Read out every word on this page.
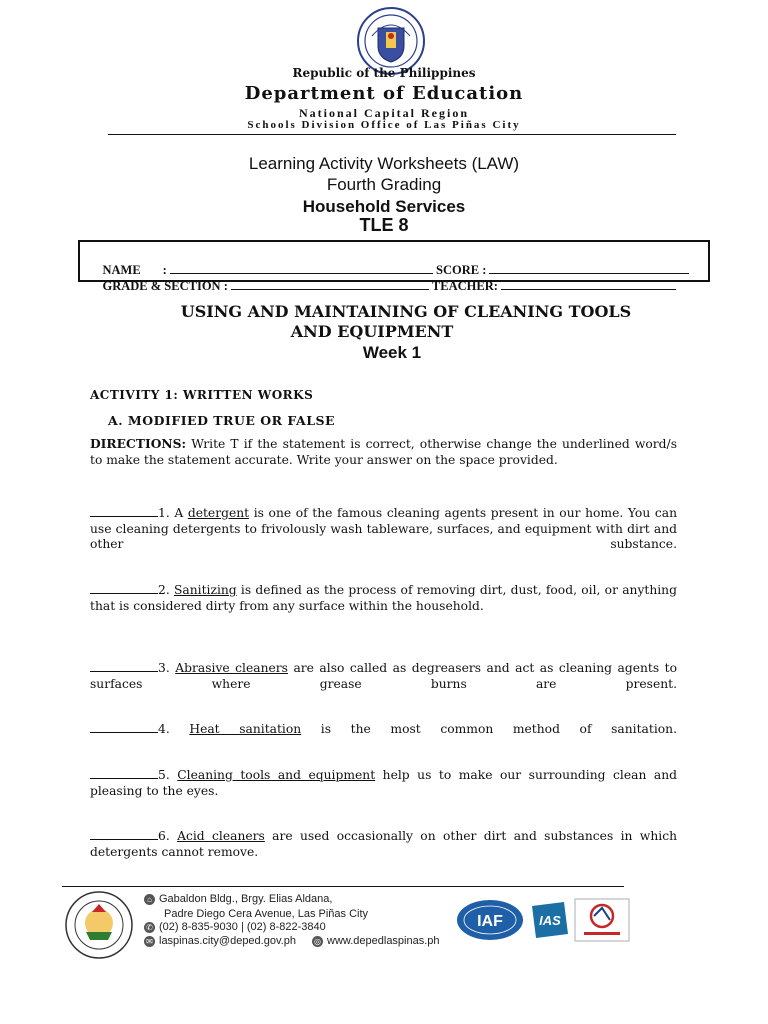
Republic of the Philippines
Department of Education
National Capital Region
Schools Division Office of Las Piñas City
Learning Activity Worksheets (LAW)
Fourth Grading
Household Services
TLE 8

NAME       :	SCORE :

GRADE & SECTION :	TEACHER:

USING AND MAINTAINING OF CLEANING TOOLS
AND EQUIPMENT
Week 1
ACTIVITY 1: WRITTEN WORKS
A. MODIFIED TRUE OR FALSE
DIRECTIONS: Write T if the statement is correct, otherwise change the underlined word/s to make the statement accurate. Write your answer on the space provided.
1. A detergent is one of the famous cleaning agents present in our home. You can use cleaning detergents to frivolously wash tableware, surfaces, and equipment with dirt and other substance.
2. Sanitizing is defined as the process of removing dirt, dust, food, oil, or anything that is considered dirty from any surface within the household.
3. Abrasive cleaners are also called as degreasers and act as cleaning agents to surfaces where grease burns are present.
4. Heat sanitation is the most common method of sanitation.
5. Cleaning tools and equipment help us to make our surrounding clean and pleasing to the eyes.
6. Acid cleaners are used occasionally on other dirt and substances in which detergents cannot remove.
⌂ Gabaldon Bldg., Brgy. Elias Aldana,
Padre Diego Cera Avenue, Las Piñas City
✆ (02) 8-835-9030 | (02) 8-822-3840
✉ laspinas.city@deped.gov.ph ◎ www.depedlaspinas.ph
IAF	IAS
